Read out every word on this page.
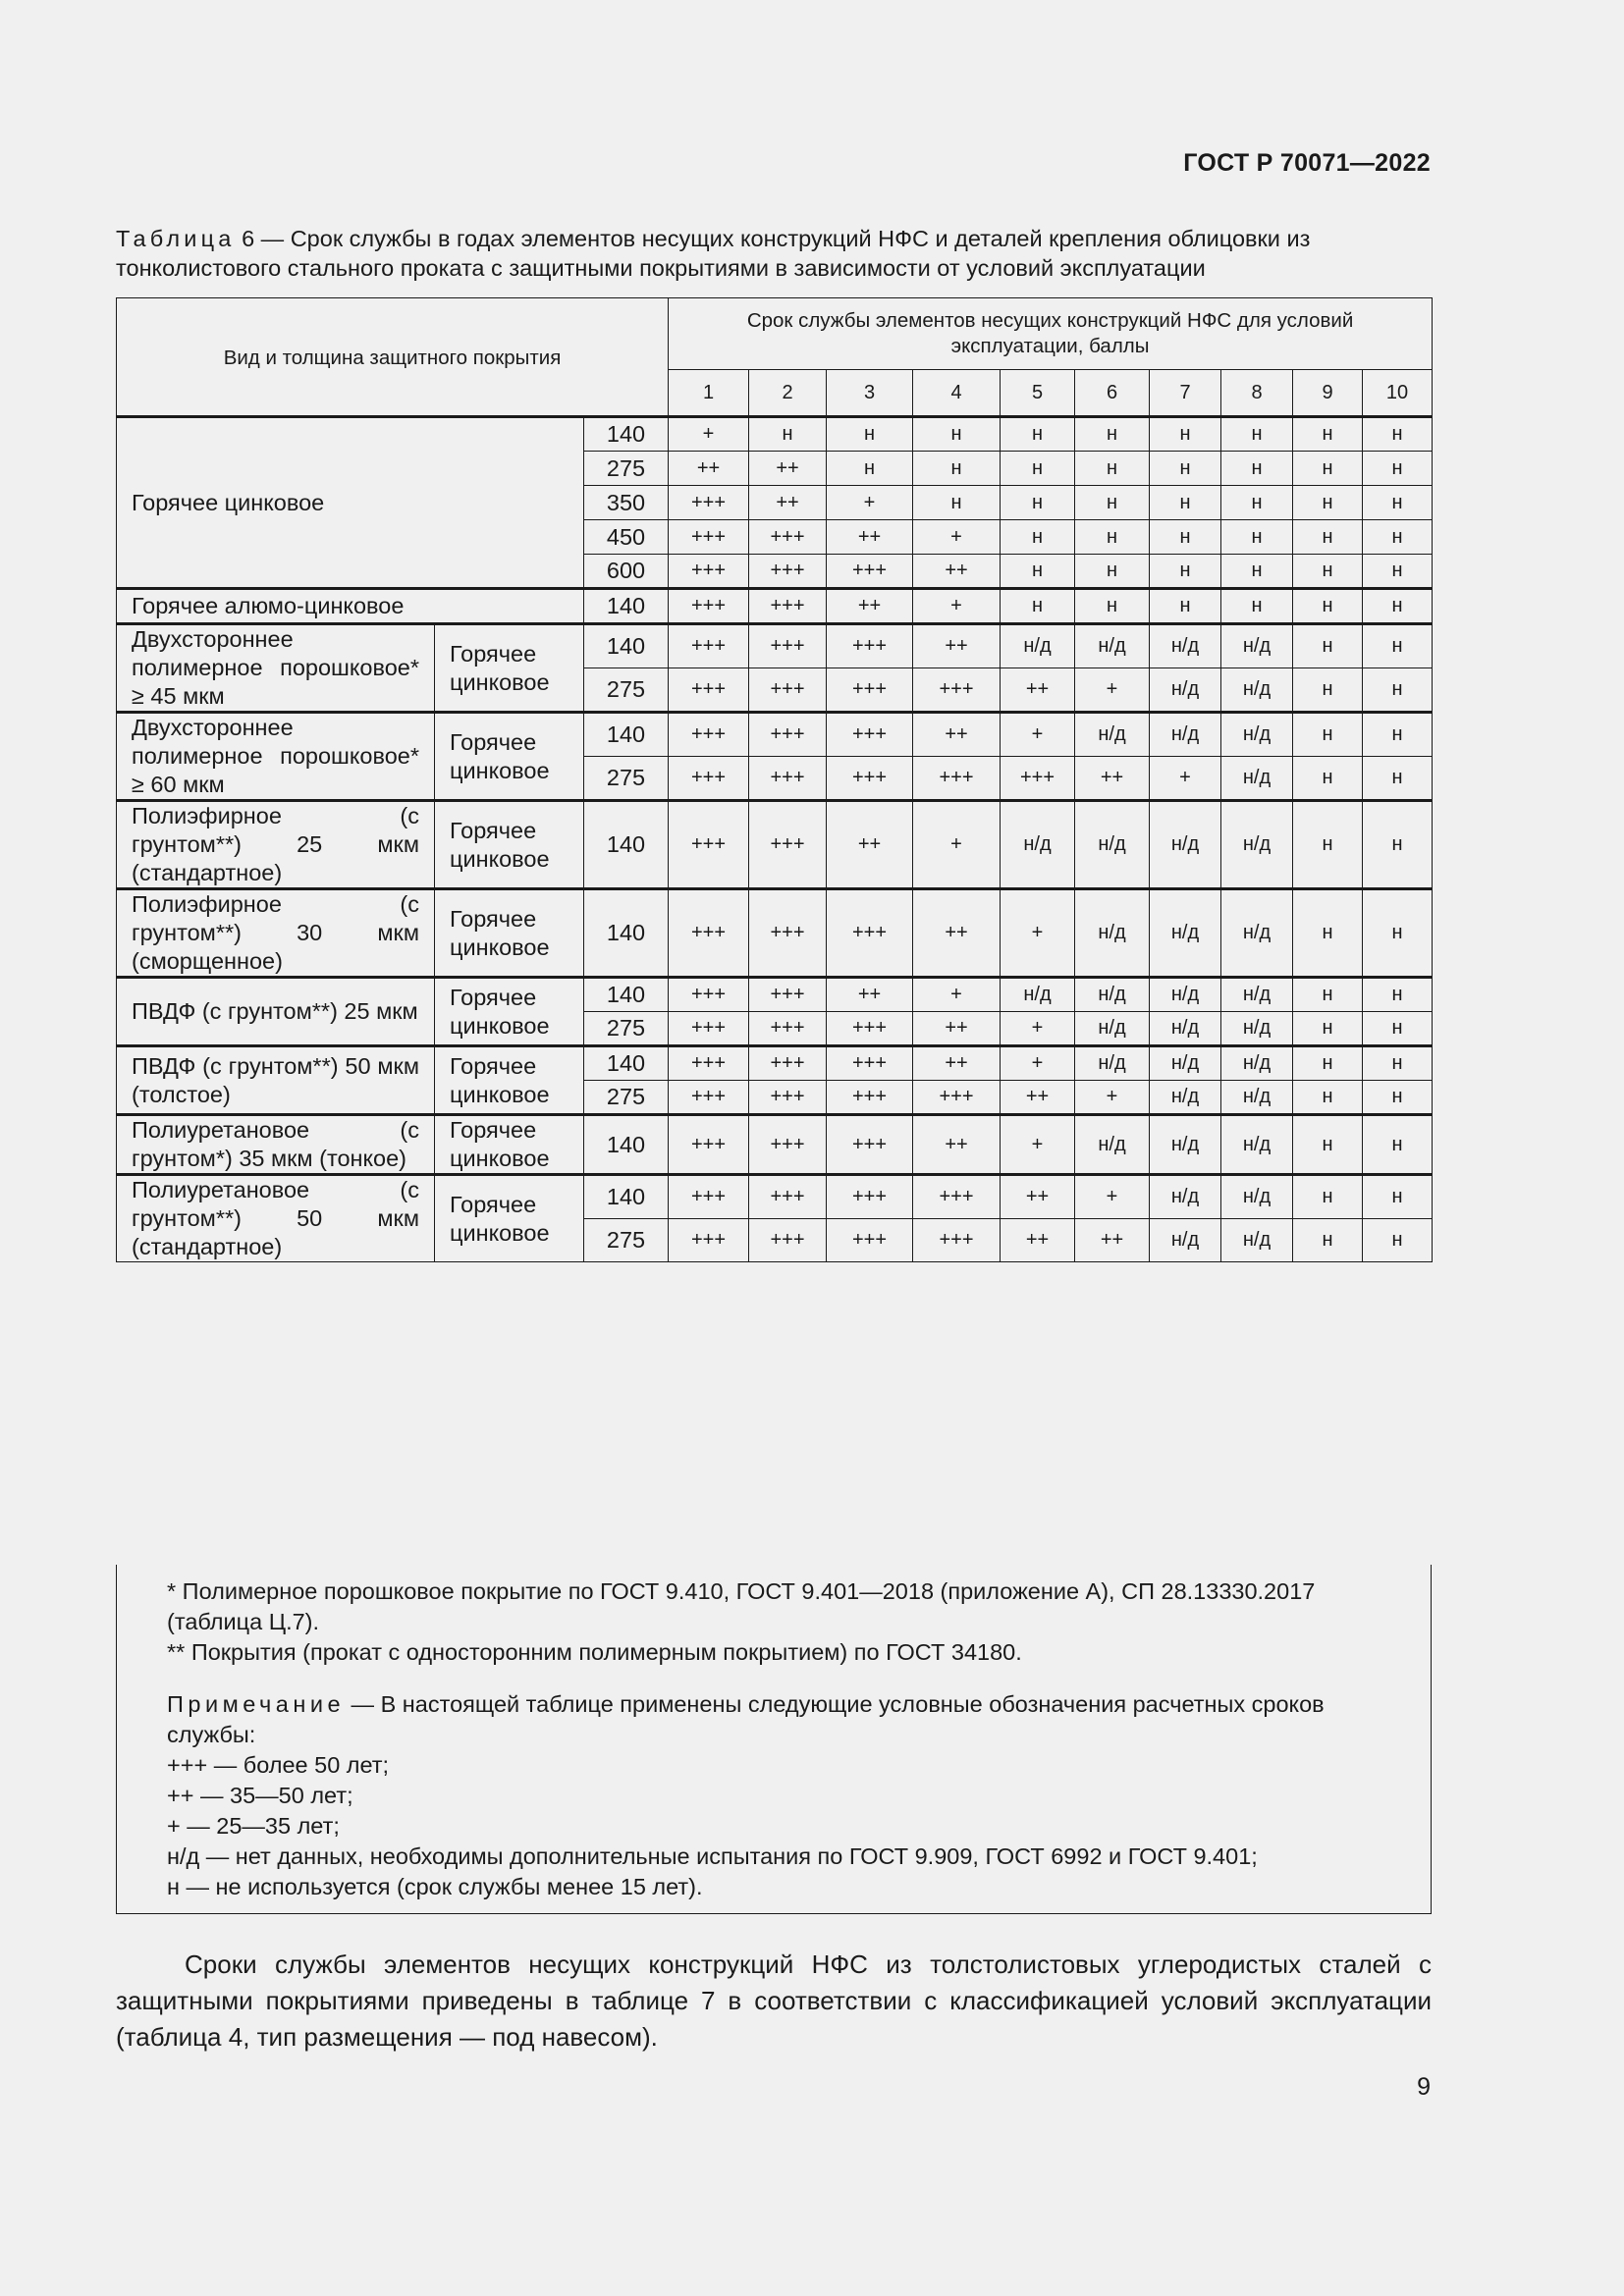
ГОСТ Р 70071—2022
Таблица 6 — Срок службы в годах элементов несущих конструкций НФС и деталей крепления облицовки из тонколистового стального проката с защитными покрытиями в зависимости от условий эксплуатации
Вид и толщина защитного покрытия			Срок службы элементов несущих конструкций НФС для условий эксплуатации, баллы									

			1	2	3	4	5	6	7	8	9	10
Горячее цинковое		140	+	н	н	н	н	н	н	н	н	н
		275	++	++	н	н	н	н	н	н	н	н
		350	+++	++	+	н	н	н	н	н	н	н
		450	+++	+++	++	+	н	н	н	н	н	н
		600	+++	+++	+++	++	н	н	н	н	н	н
Горячее алюмо-цинковое		140	+++	+++	++	+	н	н	н	н	н	н
Двухстороннее полимерное порошковое* ≥ 45 мкм	Горячее цинковое	140	+++	+++	+++	++	н/д	н/д	н/д	н/д	н	н
		275	+++	+++	+++	+++	++	+	н/д	н/д	н	н
Двухстороннее полимерное порошковое* ≥ 60 мкм	Горячее цинковое	140	+++	+++	+++	++	+	н/д	н/д	н/д	н	н
		275	+++	+++	+++	+++	+++	++	+	н/д	н	н
Полиэфирное (с грунтом**) 25 мкм (стандартное)	Горячее цинковое	140	+++	+++	++	+	н/д	н/д	н/д	н/д	н	н
Полиэфирное (с грунтом**) 30 мкм (сморщенное)	Горячее цинковое	140	+++	+++	+++	++	+	н/д	н/д	н/д	н	н
ПВДФ (с грунтом**) 25 мкм	Горячее цинковое	140	+++	+++	++	+	н/д	н/д	н/д	н/д	н	н
		275	+++	+++	+++	++	+	н/д	н/д	н/д	н	н
ПВДФ (с грунтом**) 50 мкм (толстое)	Горячее цинковое	140	+++	+++	+++	++	+	н/д	н/д	н/д	н	н
		275	+++	+++	+++	+++	++	+	н/д	н/д	н	н
Полиуретановое (с грунтом*) 35 мкм (тонкое)	Горячее цинковое	140	+++	+++	+++	++	+	н/д	н/д	н/д	н	н
Полиуретановое (с грунтом**) 50 мкм (стандартное)	Горячее цинковое	140	+++	+++	+++	+++	++	+	н/д	н/д	н	н
		275	+++	+++	+++	+++	++	++	н/д	н/д	н	н

* Полимерное порошковое покрытие по ГОСТ 9.410, ГОСТ 9.401—2018 (приложение А), СП 28.13330.2017 (таблица Ц.7).

** Покрытия (прокат с односторонним полимерным покрытием) по ГОСТ 34180.

Примечание — В настоящей таблице применены следующие условные обозначения расчетных сроков службы:

+++ — более 50 лет;

++ — 35—50 лет;

+ — 25—35 лет;

н/д — нет данных, необходимы дополнительные испытания по ГОСТ 9.909, ГОСТ 6992 и ГОСТ 9.401;

н — не используется (срок службы менее 15 лет).

Сроки службы элементов несущих конструкций НФС из толстолистовых углеродистых сталей с защитными покрытиями приведены в таблице 7 в соответствии с классификацией условий эксплуатации (таблица 4, тип размещения — под навесом).
9
